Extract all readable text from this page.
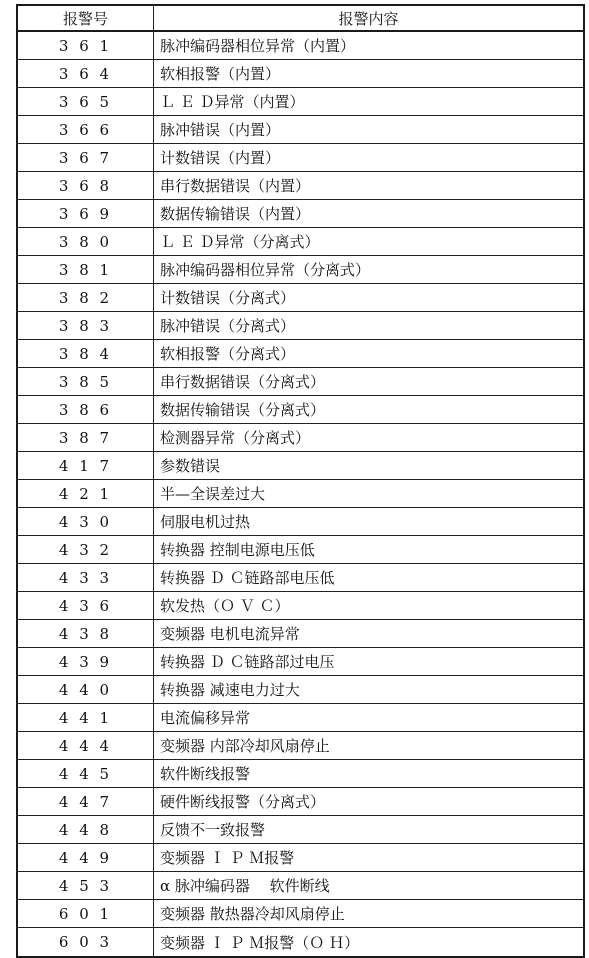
报警号	报警内容
3 6 1	脉冲编码器相位异常（内置）
3 6 4	软相报警（内置）
3 6 5	Ｌ Ｅ Ｄ异常（内置）
3 6 6	脉冲错误（内置）
3 6 7	计数错误（内置）
3 6 8	串行数据错误（内置）
3 6 9	数据传输错误（内置）
3 8 0	Ｌ Ｅ Ｄ异常（分离式）
3 8 1	脉冲编码器相位异常（分离式）
3 8 2	计数错误（分离式）
3 8 3	脉冲错误（分离式）
3 8 4	软相报警（分离式）
3 8 5	串行数据错误（分离式）
3 8 6	数据传输错误（分离式）
3 8 7	检测器异常（分离式）
4 1 7	参数错误
4 2 1	半—全误差过大
4 3 0	伺服电机过热
4 3 2	转换器 控制电源电压低
4 3 3	转换器 Ｄ Ｃ链路部电压低
4 3 6	软发热（Ｏ Ｖ Ｃ）
4 3 8	变频器 电机电流异常
4 3 9	转换器 Ｄ Ｃ链路部过电压
4 4 0	转换器 减速电力过大
4 4 1	电流偏移异常
4 4 4	变频器 内部冷却风扇停止
4 4 5	软件断线报警
4 4 7	硬件断线报警（分离式）
4 4 8	反馈不一致报警
4 4 9	变频器 Ｉ Ｐ Ｍ报警
4 5 3	α 脉冲编码器　 软件断线
6 0 1	变频器 散热器冷却风扇停止
6 0 3	变频器 Ｉ Ｐ Ｍ报警（Ｏ Ｈ）
